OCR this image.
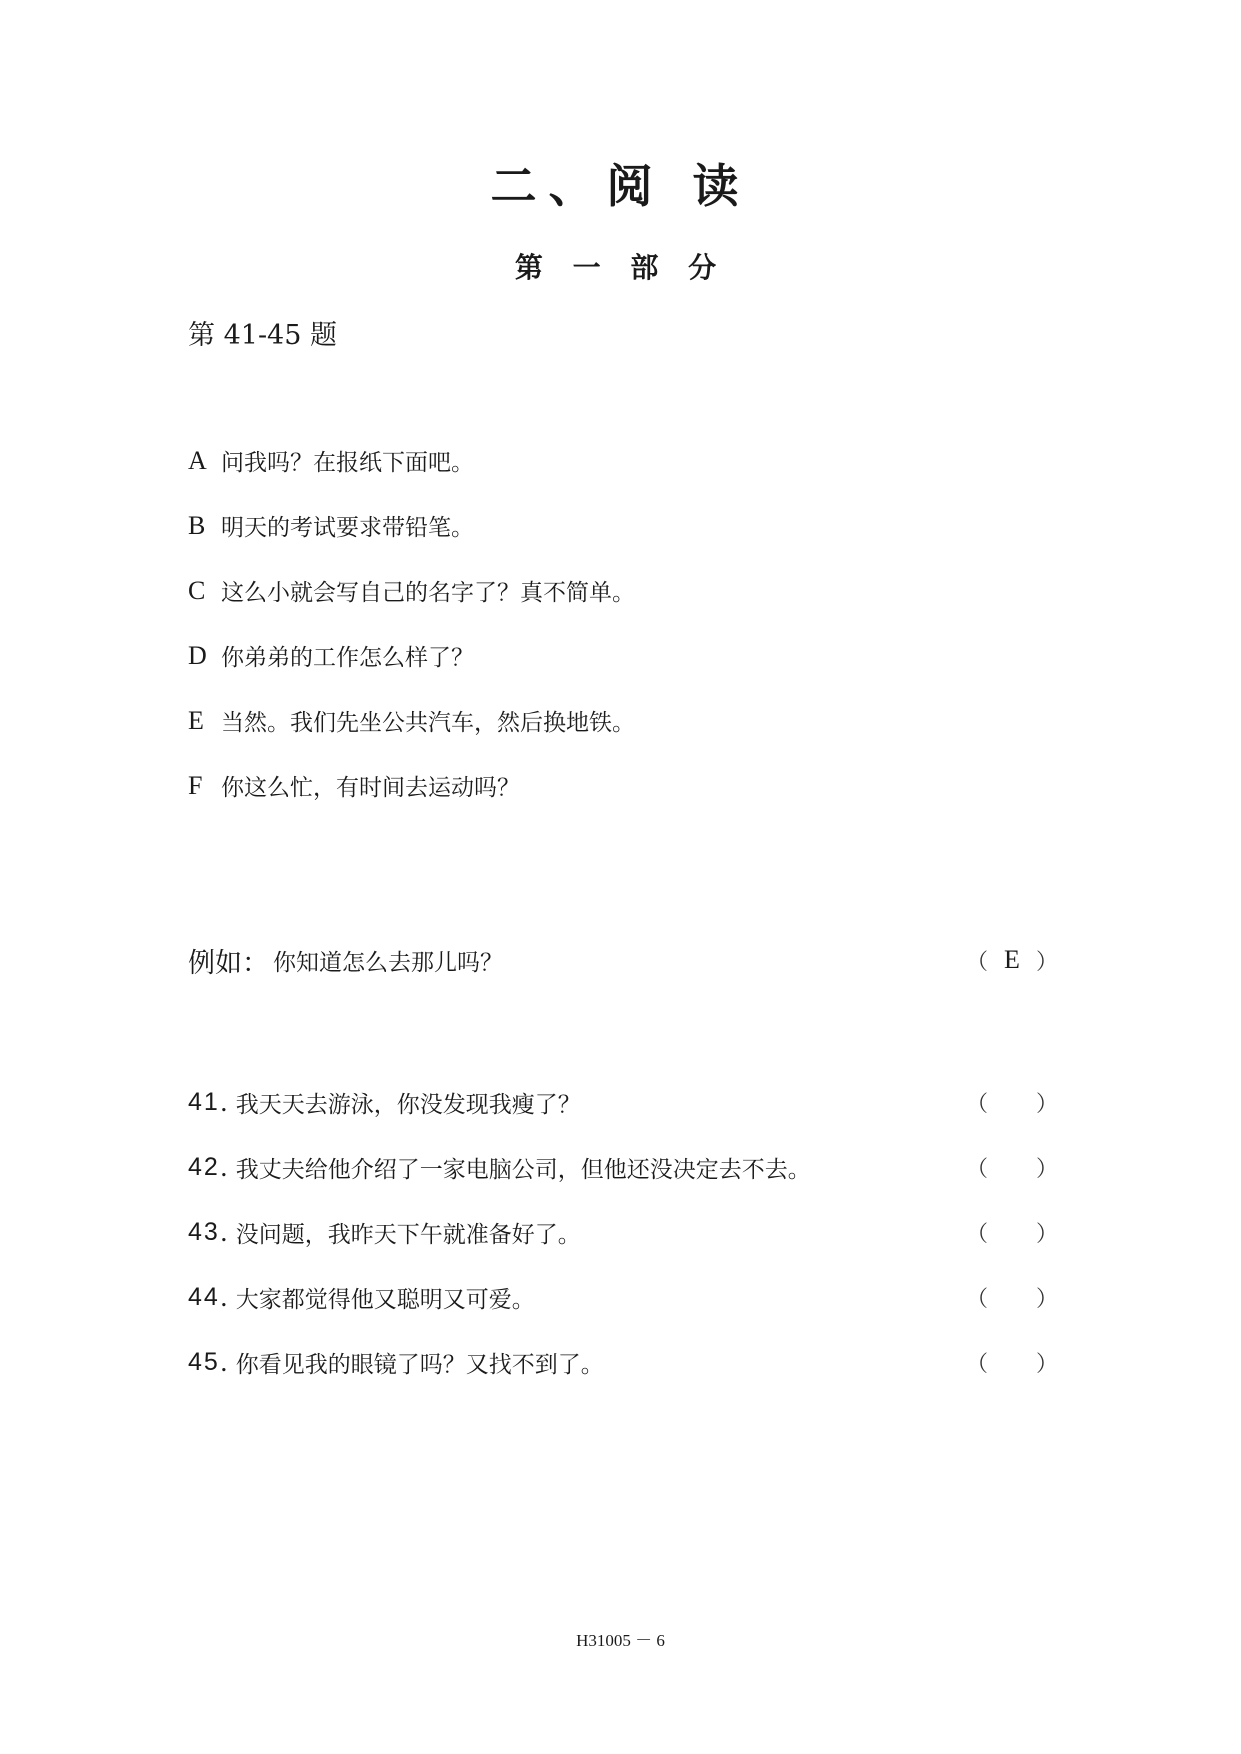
二、阅 读
第 一 部 分
第 41-45 题
A 问我吗？在报纸下面吧。
B 明天的考试要求带铅笔。
C 这么小就会写自己的名字了？真不简单。
D 你弟弟的工作怎么样了？
E 当然。我们先坐公共汽车，然后换地铁。
F 你这么忙，有时间去运动吗？
例如： 你知道怎么去那儿吗？	（ E ）
41 . 我天天去游泳，你没发现我瘦了？	（ ）
42 . 我丈夫给他介绍了一家电脑公司，但他还没决定去不去。	（ ）
43 . 没问题，我昨天下午就准备好了。	（ ）
44 . 大家都觉得他又聪明又可爱。	（ ）
45 . 你看见我的眼镜了吗？又找不到了。	（ ）
H31005 － 6
